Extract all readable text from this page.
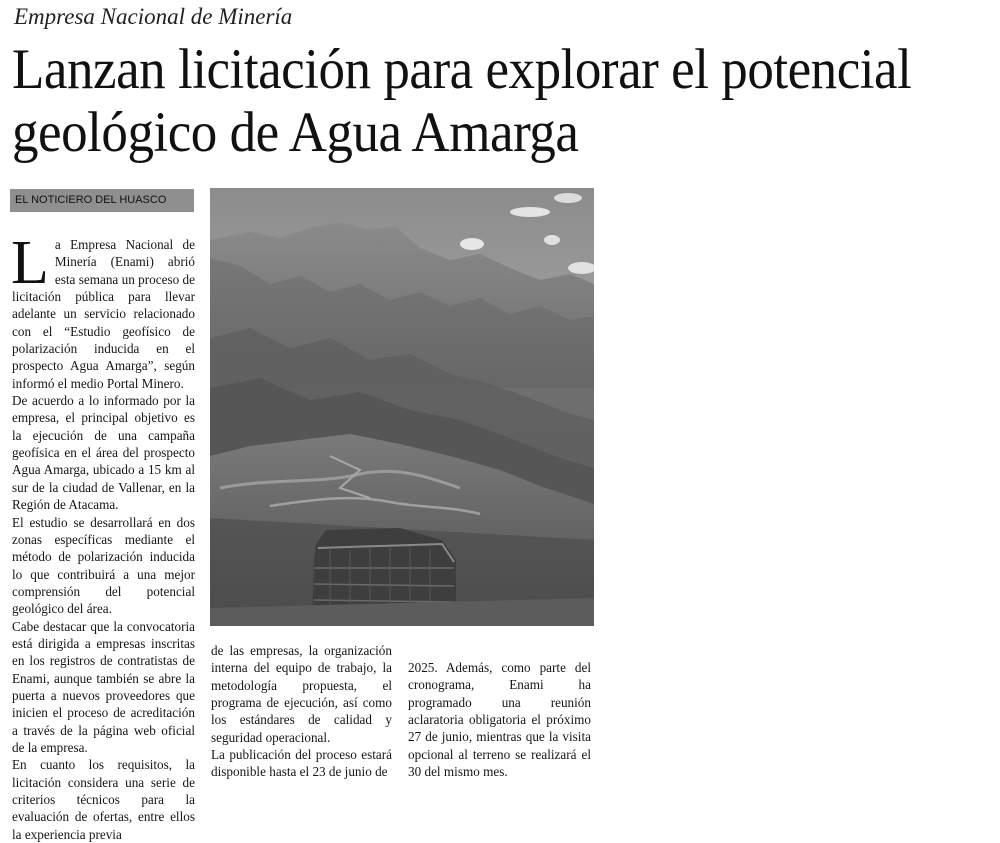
Empresa Nacional de Minería
Lanzan licitación para explorar el potencial
geológico de Agua Amarga
EL NOTICIERO DEL HUASCO

La Empresa Nacional de Minería (Enami) abrió esta semana un proceso de licitación pública para llevar adelante un servicio relacionado con el “Estudio geofísico de polarización inducida en el prospecto Agua Amarga”, según informó el medio Portal Minero.

De acuerdo a lo informado por la empresa, el principal objetivo es la ejecución de una campaña geofísica en el área del prospecto Agua Amarga, ubicado a 15 km al sur de la ciudad de Vallenar, en la Región de Atacama.

El estudio se desarrollará en dos zonas específicas mediante el método de polarización inducida lo que contribuirá a una mejor comprensión del potencial geológico del área.

Cabe destacar que la convocatoria está dirigida a empresas inscritas en los registros de contratistas de Enami, aunque también se abre la puerta a nuevos proveedores que inicien el proceso de acreditación a través de la página web oficial de la empresa.

En cuanto los requisitos, la licitación considera una serie de criterios técnicos para la evaluación de ofertas, entre ellos la experiencia previa

de las empresas, la organización interna del equipo de trabajo, la metodología propuesta, el programa de ejecución, así como los estándares de calidad y seguridad operacional.

La publicación del proceso estará disponible hasta el 23 de junio de

2025. Además, como parte del cronograma, Enami ha programado una reunión aclaratoria obligatoria el próximo 27 de junio, mientras que la visita opcional al terreno se realizará el 30 del mismo mes.
